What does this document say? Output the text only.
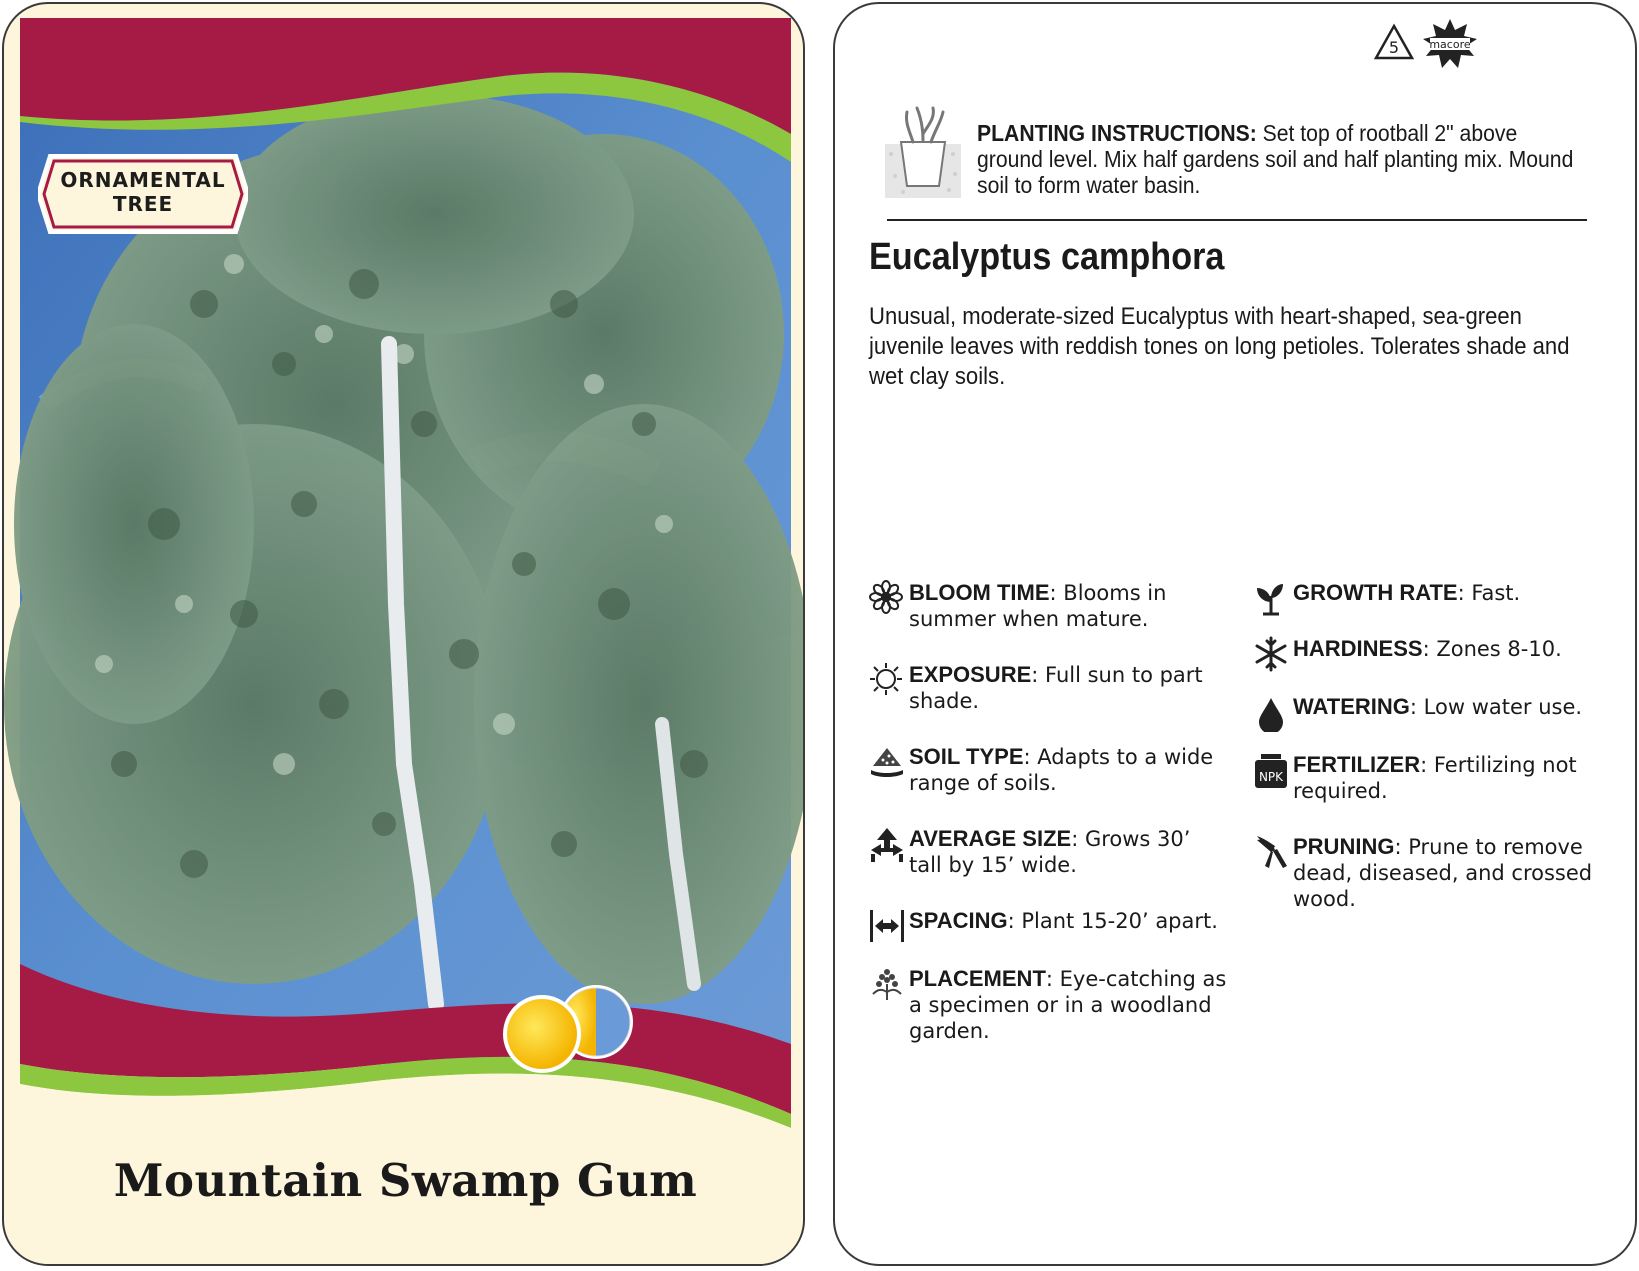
ORNAMENTAL
TREE
Mountain Swamp Gum
5	macore
PLANTING INSTRUCTIONS: Set top of rootball 2" above ground level. Mix half gardens soil and half planting mix. Mound soil to form water basin.
Eucalyptus camphora
Unusual, moderate-sized Eucalyptus with heart-shaped, sea-green juvenile leaves with reddish tones on long petioles. Tolerates shade and wet clay soils.
BLOOM TIME: Blooms in summer when mature.
EXPOSURE: Full sun to part shade.
SOIL TYPE: Adapts to a wide range of soils.
AVERAGE SIZE: Grows 30’ tall by 15’ wide.
SPACING: Plant 15-20’ apart.
PLACEMENT: Eye-catching as a specimen or in a woodland garden.
GROWTH RATE: Fast.
HARDINESS: Zones 8-10.
WATERING: Low water use.
NPK FERTILIZER: Fertilizing not required.
PRUNING: Prune to remove dead, diseased, and crossed wood.
